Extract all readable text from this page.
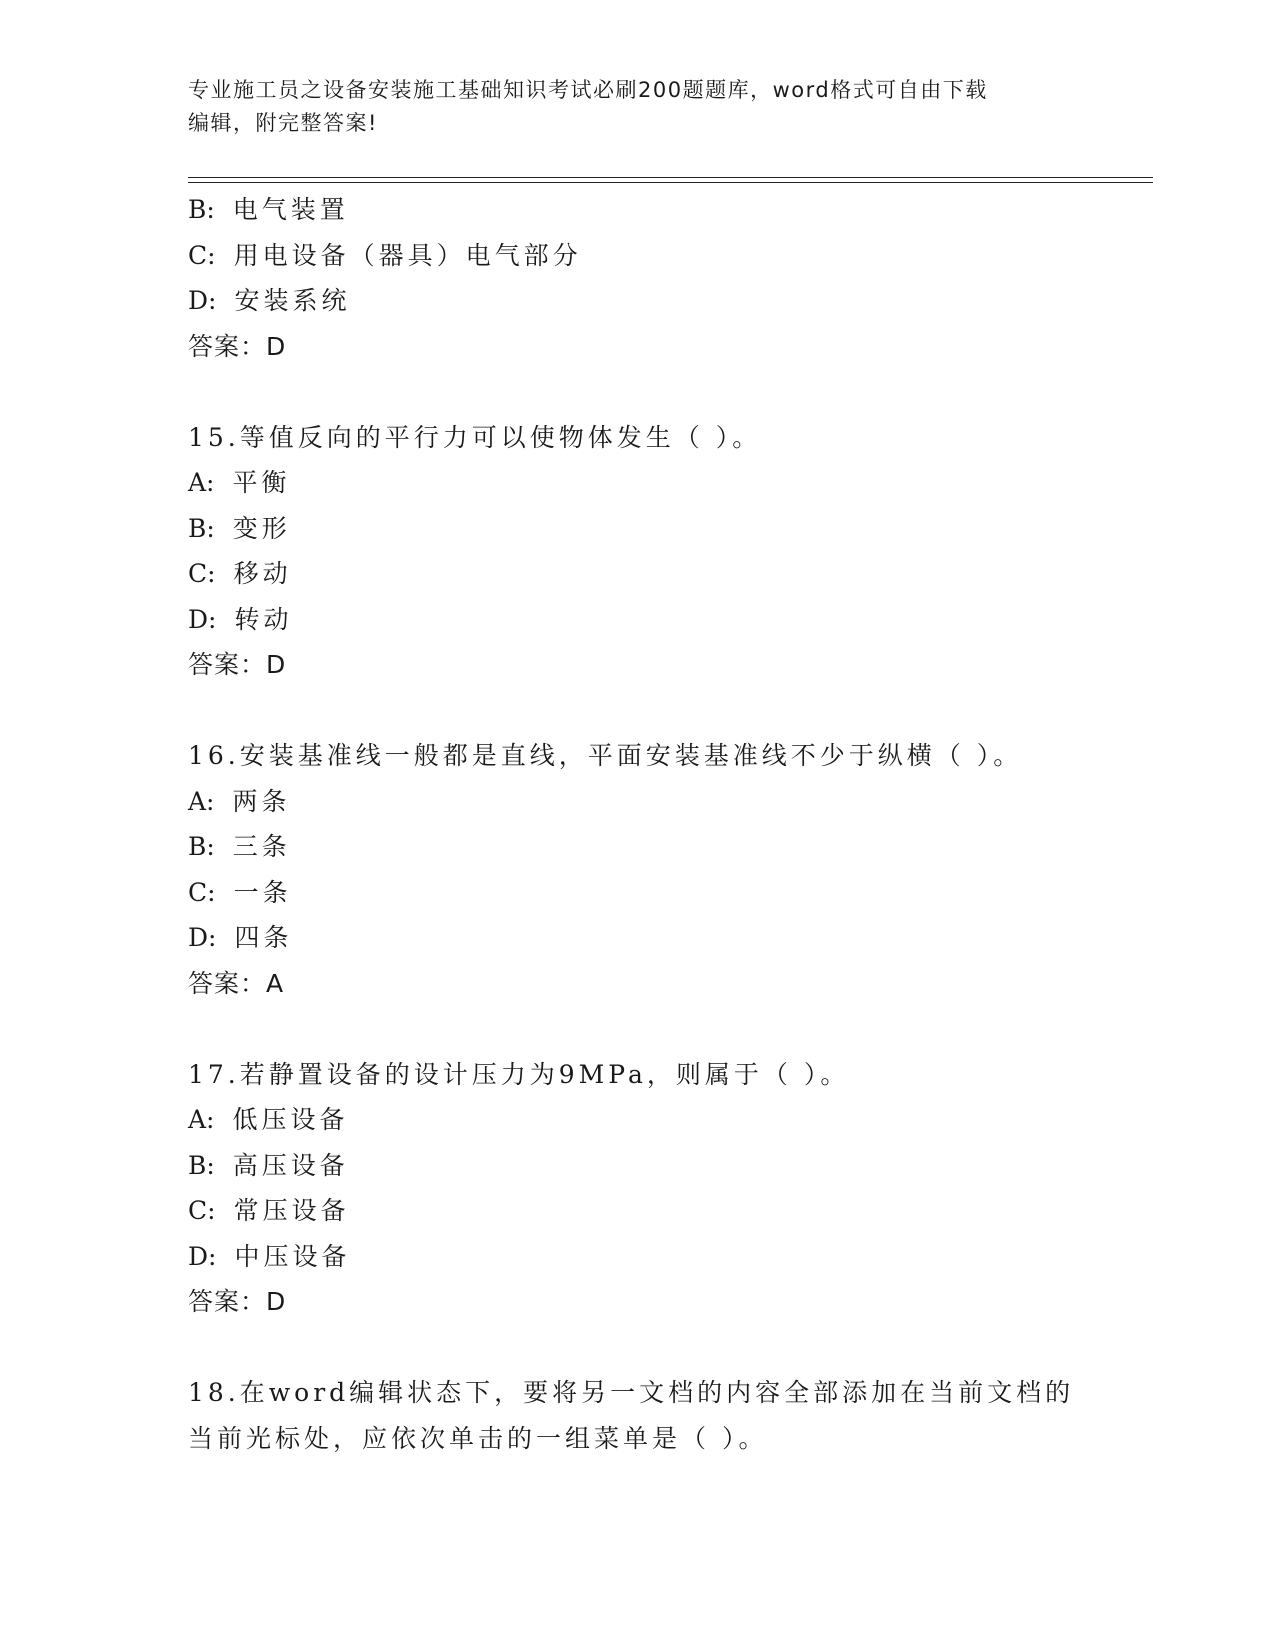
专业施工员之设备安装施工基础知识考试必刷200题题库，word格式可自由下载
编辑，附完整答案!
B: 电气装置
C: 用电设备（器具）电气部分
D: 安装系统
答案：D
15.等值反向的平行力可以使物体发生（ ）。
A: 平衡
B: 变形
C: 移动
D: 转动
答案：D
16.安装基准线一般都是直线，平面安装基准线不少于纵横（ ）。
A: 两条
B: 三条
C: 一条
D: 四条
答案：A
17.若静置设备的设计压力为9MPa，则属于（ ）。
A: 低压设备
B: 高压设备
C: 常压设备
D: 中压设备
答案：D
18.在word编辑状态下，要将另一文档的内容全部添加在当前文档的
当前光标处，应依次单击的一组菜单是（ ）。
